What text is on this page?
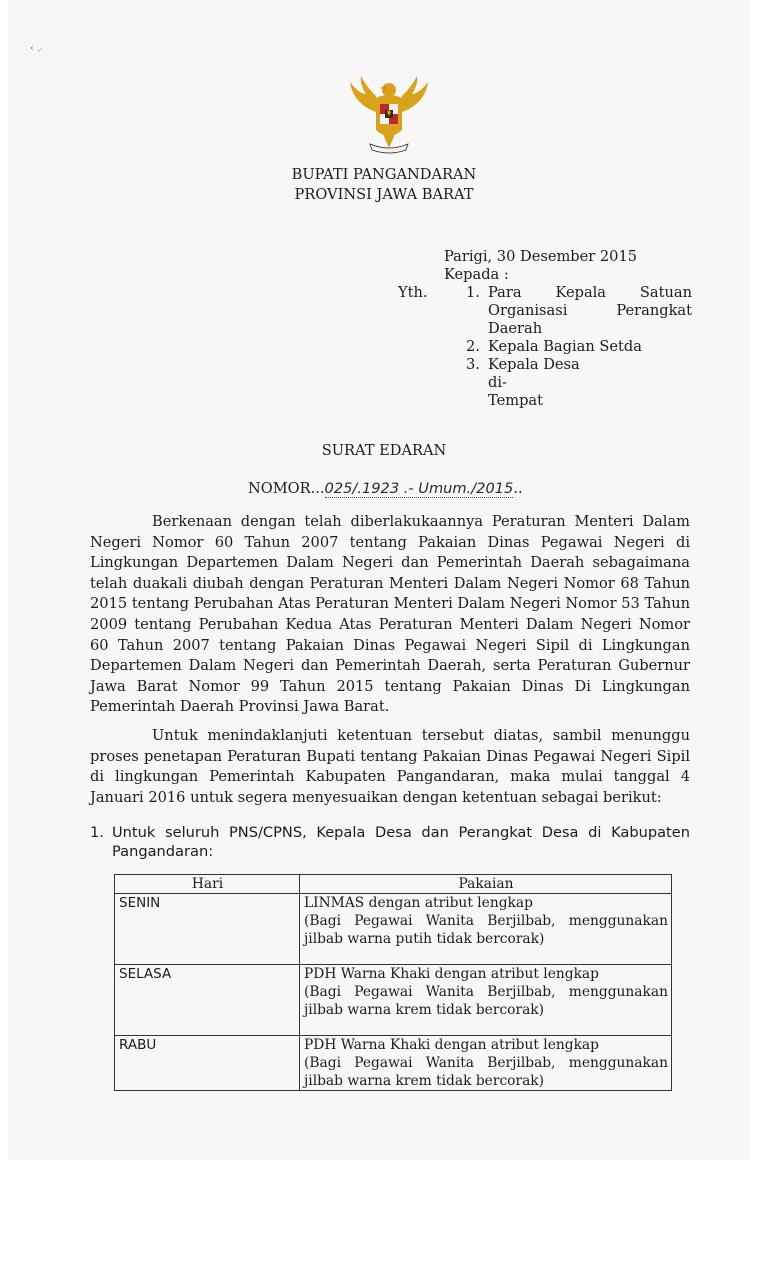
‹ ⸝
BUPATI PANGANDARAN
PROVINSI JAWA BARAT
Parigi, 30 Desember 2015
Kepada :
Yth.	1. Para Kepala Satuan
Organisasi	Perangkat
Daerah
2. Kepala Bagian Setda
3. Kepala Desa
di-
Tempat
SURAT EDARAN
NOMOR...025/.1923 .- Umum./2015..
Berkenaan dengan telah diberlakukaannya Peraturan Menteri Dalam Negeri Nomor 60 Tahun 2007 tentang Pakaian Dinas Pegawai Negeri di Lingkungan Departemen Dalam Negeri dan Pemerintah Daerah sebagaimana telah duakali diubah dengan Peraturan Menteri Dalam Negeri Nomor 68 Tahun 2015 tentang Perubahan Atas Peraturan Menteri Dalam Negeri Nomor 53 Tahun 2009 tentang Perubahan Kedua Atas Peraturan Menteri Dalam Negeri Nomor 60 Tahun 2007 tentang Pakaian Dinas Pegawai Negeri Sipil di Lingkungan Departemen Dalam Negeri dan Pemerintah Daerah, serta Peraturan Gubernur Jawa Barat Nomor 99 Tahun 2015 tentang Pakaian Dinas Di Lingkungan Pemerintah Daerah Provinsi Jawa Barat.
Untuk menindaklanjuti ketentuan tersebut diatas, sambil menunggu proses penetapan Peraturan Bupati tentang Pakaian Dinas Pegawai Negeri Sipil di lingkungan Pemerintah Kabupaten Pangandaran, maka mulai tanggal 4 Januari 2016 untuk segera menyesuaikan dengan ketentuan sebagai berikut:
1. Untuk seluruh PNS/CPNS, Kepala Desa dan Perangkat Desa di Kabupaten Pangandaran:
Hari	Pakaian
SENIN	LINMAS dengan atribut lengkap
(Bagi Pegawai Wanita Berjilbab, menggunakan jilbab warna putih tidak bercorak)

SELASA	PDH Warna Khaki dengan atribut lengkap
(Bagi Pegawai Wanita Berjilbab, menggunakan jilbab warna krem tidak bercorak)

RABU	PDH Warna Khaki dengan atribut lengkap
(Bagi Pegawai Wanita Berjilbab, menggunakan jilbab warna krem tidak bercorak)
